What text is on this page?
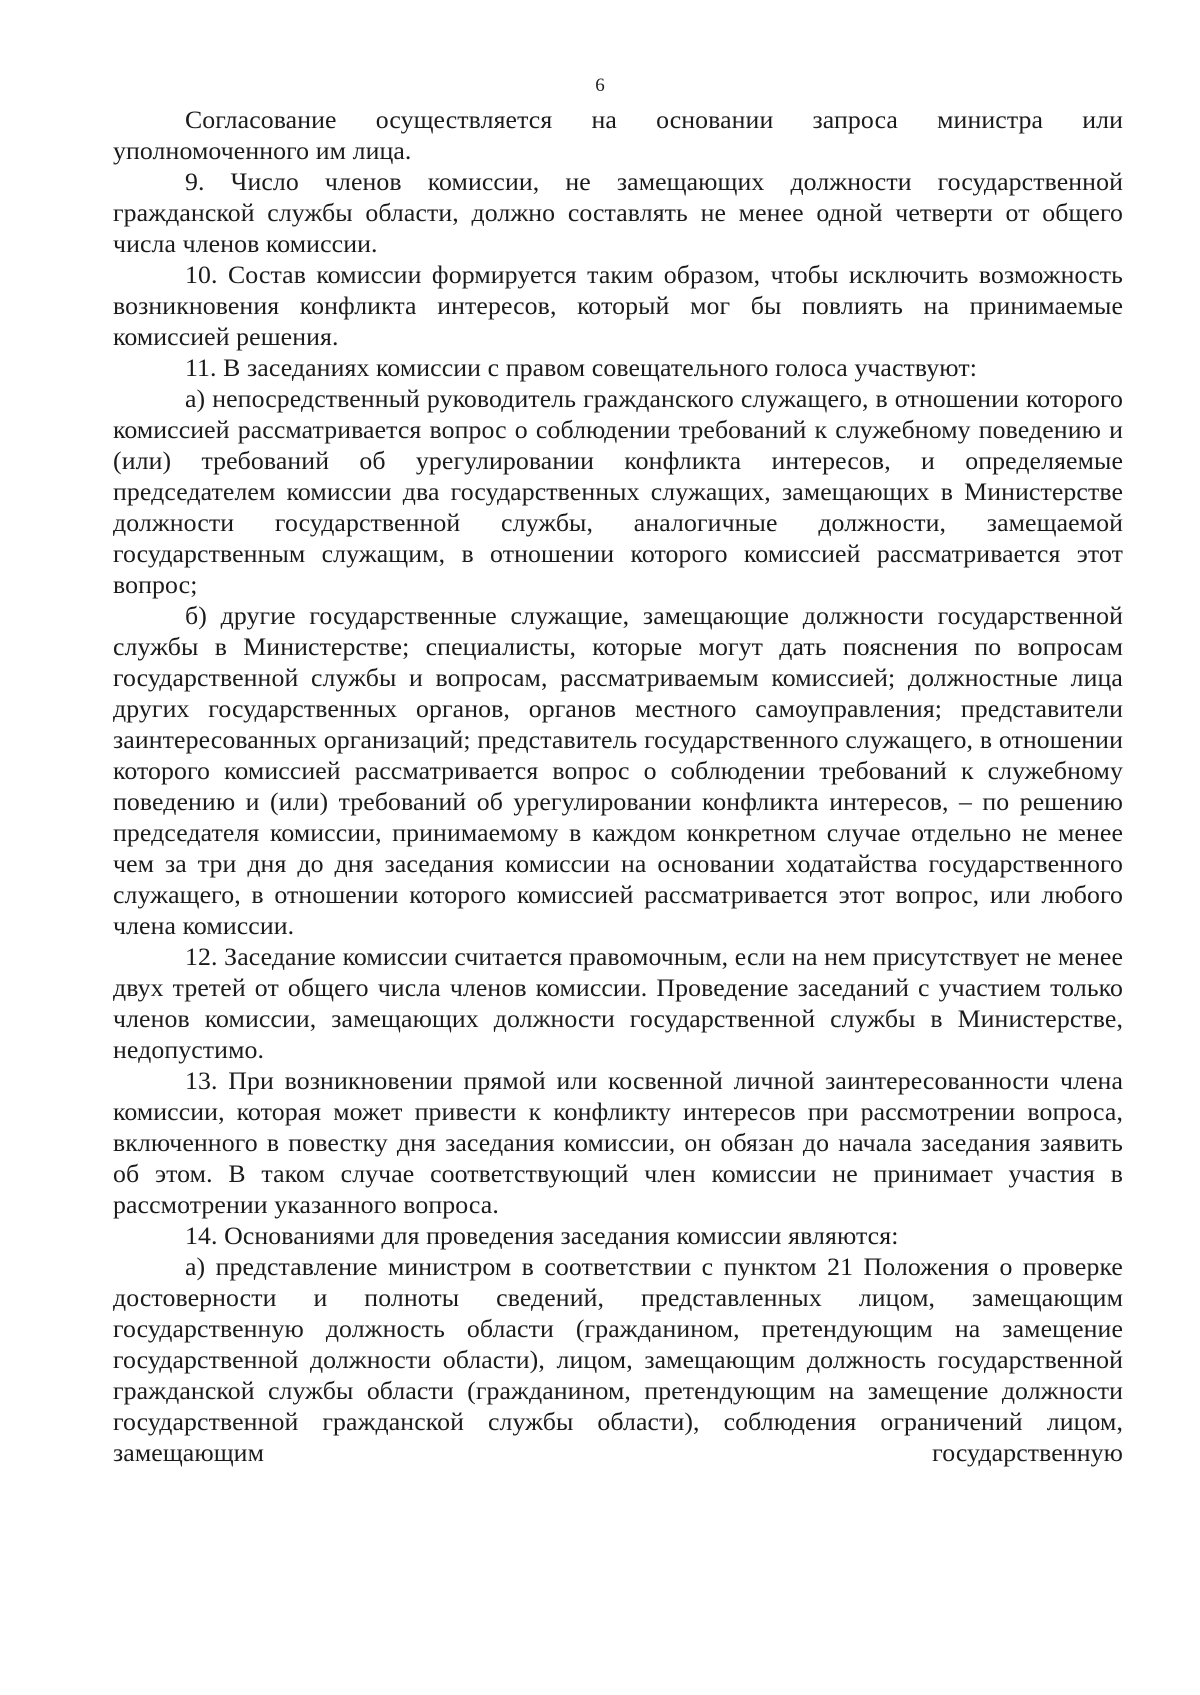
6

Согласование осуществляется на основании запроса министра или уполномоченного им лица.

9. Число членов комиссии, не замещающих должности государственной гражданской службы области, должно составлять не менее одной четверти от общего числа членов комиссии.

10. Состав комиссии формируется таким образом, чтобы исключить возможность возникновения конфликта интересов, который мог бы повлиять на принимаемые комиссией решения.

11. В заседаниях комиссии с правом совещательного голоса участвуют:

а) непосредственный руководитель гражданского служащего, в отношении которого комиссией рассматривается вопрос о соблюдении требований к служебному поведению и (или) требований об урегулировании конфликта интересов, и определяемые председателем комиссии два государственных служащих, замещающих в Министерстве должности государственной службы, аналогичные должности, замещаемой государственным служащим, в отношении которого комиссией рассматривается этот вопрос;

б) другие государственные служащие, замещающие должности государственной службы в Министерстве; специалисты, которые могут дать пояснения по вопросам государственной службы и вопросам, рассматриваемым комиссией; должностные лица других государственных органов, органов местного самоуправления; представители заинтересованных организаций; представитель государственного служащего, в отношении которого комиссией рассматривается вопрос о соблюдении требований к служебному поведению и (или) требований об урегулировании конфликта интересов, – по решению председателя комиссии, принимаемому в каждом конкретном случае отдельно не менее чем за три дня до дня заседания комиссии на основании ходатайства государственного служащего, в отношении которого комиссией рассматривается этот вопрос, или любого члена комиссии.

12. Заседание комиссии считается правомочным, если на нем присутствует не менее двух третей от общего числа членов комиссии. Проведение заседаний с участием только членов комиссии, замещающих должности государственной службы в Министерстве, недопустимо.

13. При возникновении прямой или косвенной личной заинтересованности члена комиссии, которая может привести к конфликту интересов при рассмотрении вопроса, включенного в повестку дня заседания комиссии, он обязан до начала заседания заявить об этом. В таком случае соответствующий член комиссии не принимает участия в рассмотрении указанного вопроса.

14. Основаниями для проведения заседания комиссии являются:

а) представление министром в соответствии с пунктом 21 Положения о проверке достоверности и полноты сведений, представленных лицом, замещающим государственную должность области (гражданином, претендующим на замещение государственной должности области), лицом, замещающим должность государственной гражданской службы области (гражданином, претендующим на замещение должности государственной гражданской службы области), соблюдения ограничений лицом, замещающим государственную
